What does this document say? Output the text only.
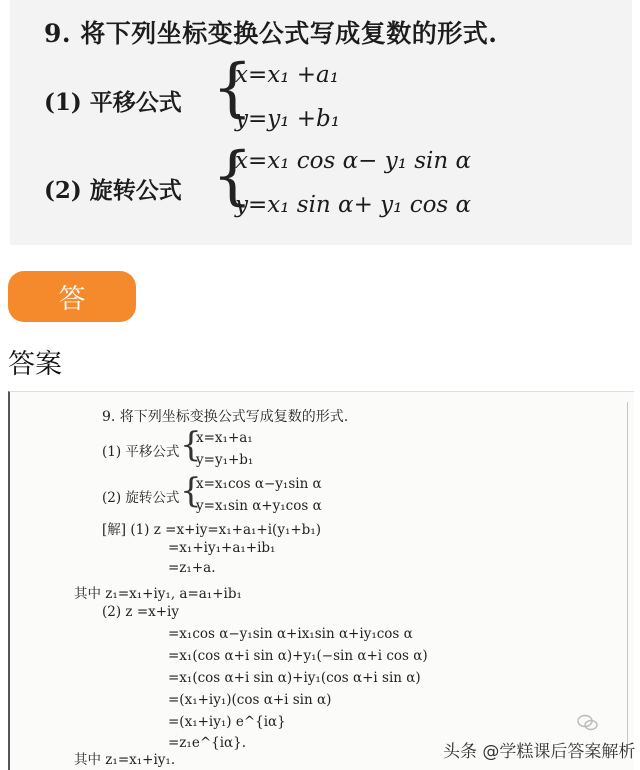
9. 将下列坐标变换公式写成复数的形式.
(1) 平移公式 {
x=x₁ +a₁
y=y₁ +b₁
(2) 旋转公式 {
x=x₁ cos α− y₁ sin α
y=x₁ sin α+ y₁ cos α
答
答案
9. 将下列坐标变换公式写成复数的形式.
(1) 平移公式 {
x=x₁+a₁
y=y₁+b₁
(2) 旋转公式 {
x=x₁cos α−y₁sin α
y=x₁sin α+y₁cos α
[解] (1) z =x+iy=x₁+a₁+i(y₁+b₁)
=x₁+iy₁+a₁+ib₁
=z₁+a.
其中 z₁=x₁+iy₁, a=a₁+ib₁
(2) z =x+iy
=x₁cos α−y₁sin α+ix₁sin α+iy₁cos α
=x₁(cos α+i sin α)+y₁(−sin α+i cos α)
=x₁(cos α+i sin α)+iy₁(cos α+i sin α)
=(x₁+iy₁)(cos α+i sin α)
=(x₁+iy₁) e^{iα}
=z₁e^{iα}.
其中 z₁=x₁+iy₁.	头条 @学糕课后答案解析
